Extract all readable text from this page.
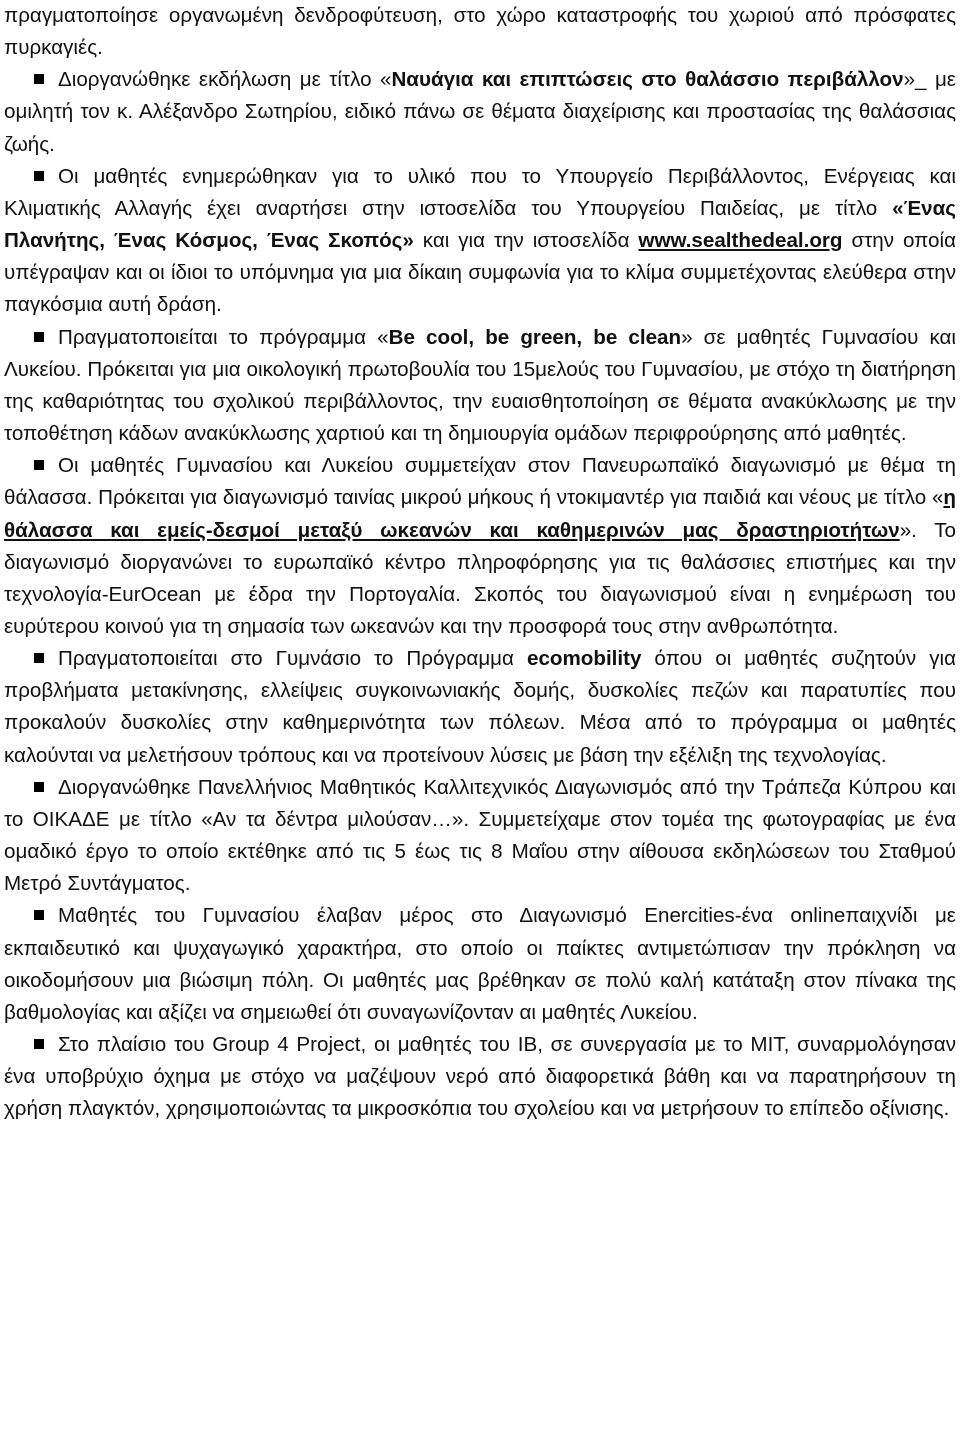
πραγματοποίησε οργανωμένη δενδροφύτευση, στο χώρο καταστροφής του χωριού από πρόσφατες πυρκαγιές.

Διοργανώθηκε εκδήλωση με τίτλο «Ναυάγια και επιπτώσεις στο θαλάσσιο περιβάλλον»_ με ομιλητή τον κ. Αλέξανδρο Σωτηρίου, ειδικό πάνω σε θέματα διαχείρισης και προστασίας της θαλάσσιας ζωής.

Οι μαθητές ενημερώθηκαν για το υλικό που το Υπουργείο Περιβάλλοντος, Ενέργειας και Κλιματικής Αλλαγής έχει αναρτήσει στην ιστοσελίδα του Υπουργείου Παιδείας, με τίτλο «Ένας Πλανήτης, Ένας Κόσμος, Ένας Σκοπός» και για την ιστοσελίδα www.sealthedeal.org στην οποία υπέγραψαν και οι ίδιοι το υπόμνημα για μια δίκαιη συμφωνία για το κλίμα συμμετέχοντας ελεύθερα στην παγκόσμια αυτή δράση.

Πραγματοποιείται το πρόγραμμα «Be cool, be green, be clean» σε μαθητές Γυμνασίου και Λυκείου. Πρόκειται για μια οικολογική πρωτοβουλία του 15μελούς του Γυμνασίου, με στόχο τη διατήρηση της καθαριότητας του σχολικού περιβάλλοντος, την ευαισθητοποίηση σε θέματα ανακύκλωσης με την τοποθέτηση κάδων ανακύκλωσης χαρτιού και τη δημιουργία ομάδων περιφρούρησης από μαθητές.

Οι μαθητές Γυμνασίου και Λυκείου συμμετείχαν στον Πανευρωπαϊκό διαγωνισμό με θέμα τη θάλασσα. Πρόκειται για διαγωνισμό ταινίας μικρού μήκους ή ντοκιμαντέρ για παιδιά και νέους με τίτλο «η θάλασσα και εμείς-δεσμοί μεταξύ ωκεανών και καθημερινών μας δραστηριοτήτων». Το διαγωνισμό διοργανώνει το ευρωπαϊκό κέντρο πληροφόρησης για τις θαλάσσιες επιστήμες και την τεχνολογία-EurOcean με έδρα την Πορτογαλία. Σκοπός του διαγωνισμού είναι η ενημέρωση του ευρύτερου κοινού για τη σημασία των ωκεανών και την προσφορά τους στην ανθρωπότητα.

Πραγματοποιείται στο Γυμνάσιο το Πρόγραμμα ecomobility όπου οι μαθητές συζητούν για προβλήματα μετακίνησης, ελλείψεις συγκοινωνιακής δομής, δυσκολίες πεζών και παρατυπίες που προκαλούν δυσκολίες στην καθημερινότητα των πόλεων. Μέσα από το πρόγραμμα οι μαθητές καλούνται να μελετήσουν τρόπους και να προτείνουν λύσεις με βάση την εξέλιξη της τεχνολογίας.

Διοργανώθηκε Πανελλήνιος Μαθητικός Καλλιτεχνικός Διαγωνισμός από την Τράπεζα Κύπρου και το ΟΙΚΑΔΕ με τίτλο «Αν τα δέντρα μιλούσαν…». Συμμετείχαμε στον τομέα της φωτογραφίας με ένα ομαδικό έργο το οποίο εκτέθηκε από τις 5 έως τις 8 Μαΐου στην αίθουσα εκδηλώσεων του Σταθμού Μετρό Συντάγματος.

Μαθητές του Γυμνασίου έλαβαν μέρος στο Διαγωνισμό Enercities-ένα onlineπαιχνίδι με εκπαιδευτικό και ψυχαγωγικό χαρακτήρα, στο οποίο οι παίκτες αντιμετώπισαν την πρόκληση να οικοδομήσουν μια βιώσιμη πόλη. Οι μαθητές μας βρέθηκαν σε πολύ καλή κατάταξη στον πίνακα της βαθμολογίας και αξίζει να σημειωθεί ότι συναγωνίζονταν αι μαθητές Λυκείου.

Στο πλαίσιο του Group 4 Project, οι μαθητές του IB, σε συνεργασία με το MIT, συναρμολόγησαν ένα υποβρύχιο όχημα με στόχο να μαζέψουν νερό από διαφορετικά βάθη και να παρατηρήσουν τη χρήση πλαγκτόν, χρησιμοποιώντας τα μικροσκόπια του σχολείου και να μετρήσουν το επίπεδο οξίνισης.
